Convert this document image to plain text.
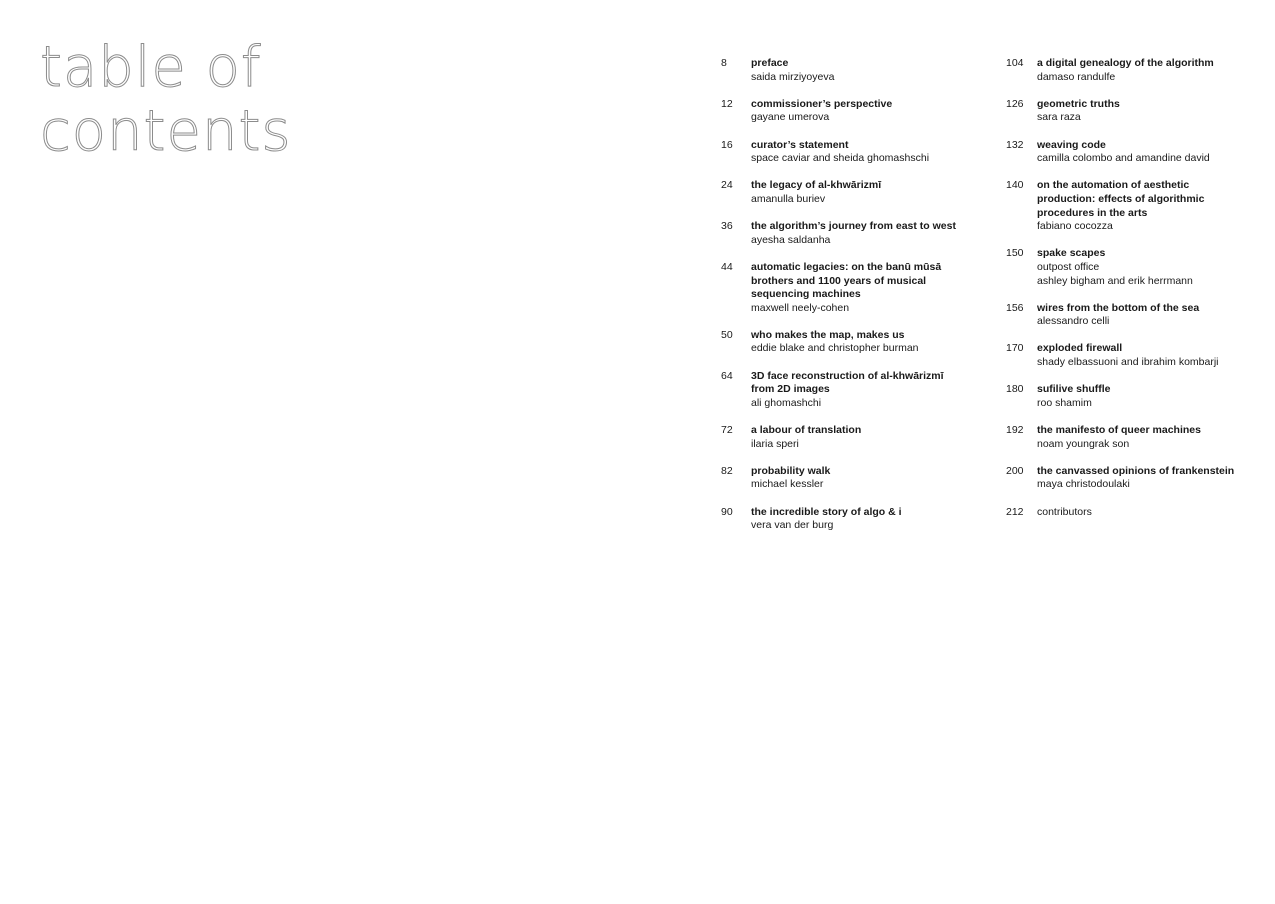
table of
contents
8	preface
saida mirziyoyeva
12	commissioner’s perspective
gayane umerova
16	curator’s statement
space caviar and sheida ghomashschi
24	the legacy of al-khwārizmī
amanulla buriev
36	the algorithm’s journey from east to west
ayesha saldanha
44	automatic legacies: on the banū mūsā
brothers and 1100 years of musical
sequencing machines
maxwell neely-cohen
50	who makes the map, makes us
eddie blake and christopher burman
64	3D face reconstruction of al-khwārizmī
from 2D images
ali ghomashchi
72	a labour of translation
ilaria speri
82	probability walk
michael kessler
90	the incredible story of algo & i
vera van der burg
104	a digital genealogy of the algorithm
damaso randulfe
126	geometric truths
sara raza
132	weaving code
camilla colombo and amandine david
140	on the automation of aesthetic
production: effects of algorithmic
procedures in the arts
fabiano cocozza
150	spake scapes
outpost office
ashley bigham and erik herrmann
156	wires from the bottom of the sea
alessandro celli
170	exploded firewall
shady elbassuoni and ibrahim kombarji
180	sufilive shuffle
roo shamim
192	the manifesto of queer machines
noam youngrak son
200	the canvassed opinions of frankenstein
maya christodoulaki
212	contributors
